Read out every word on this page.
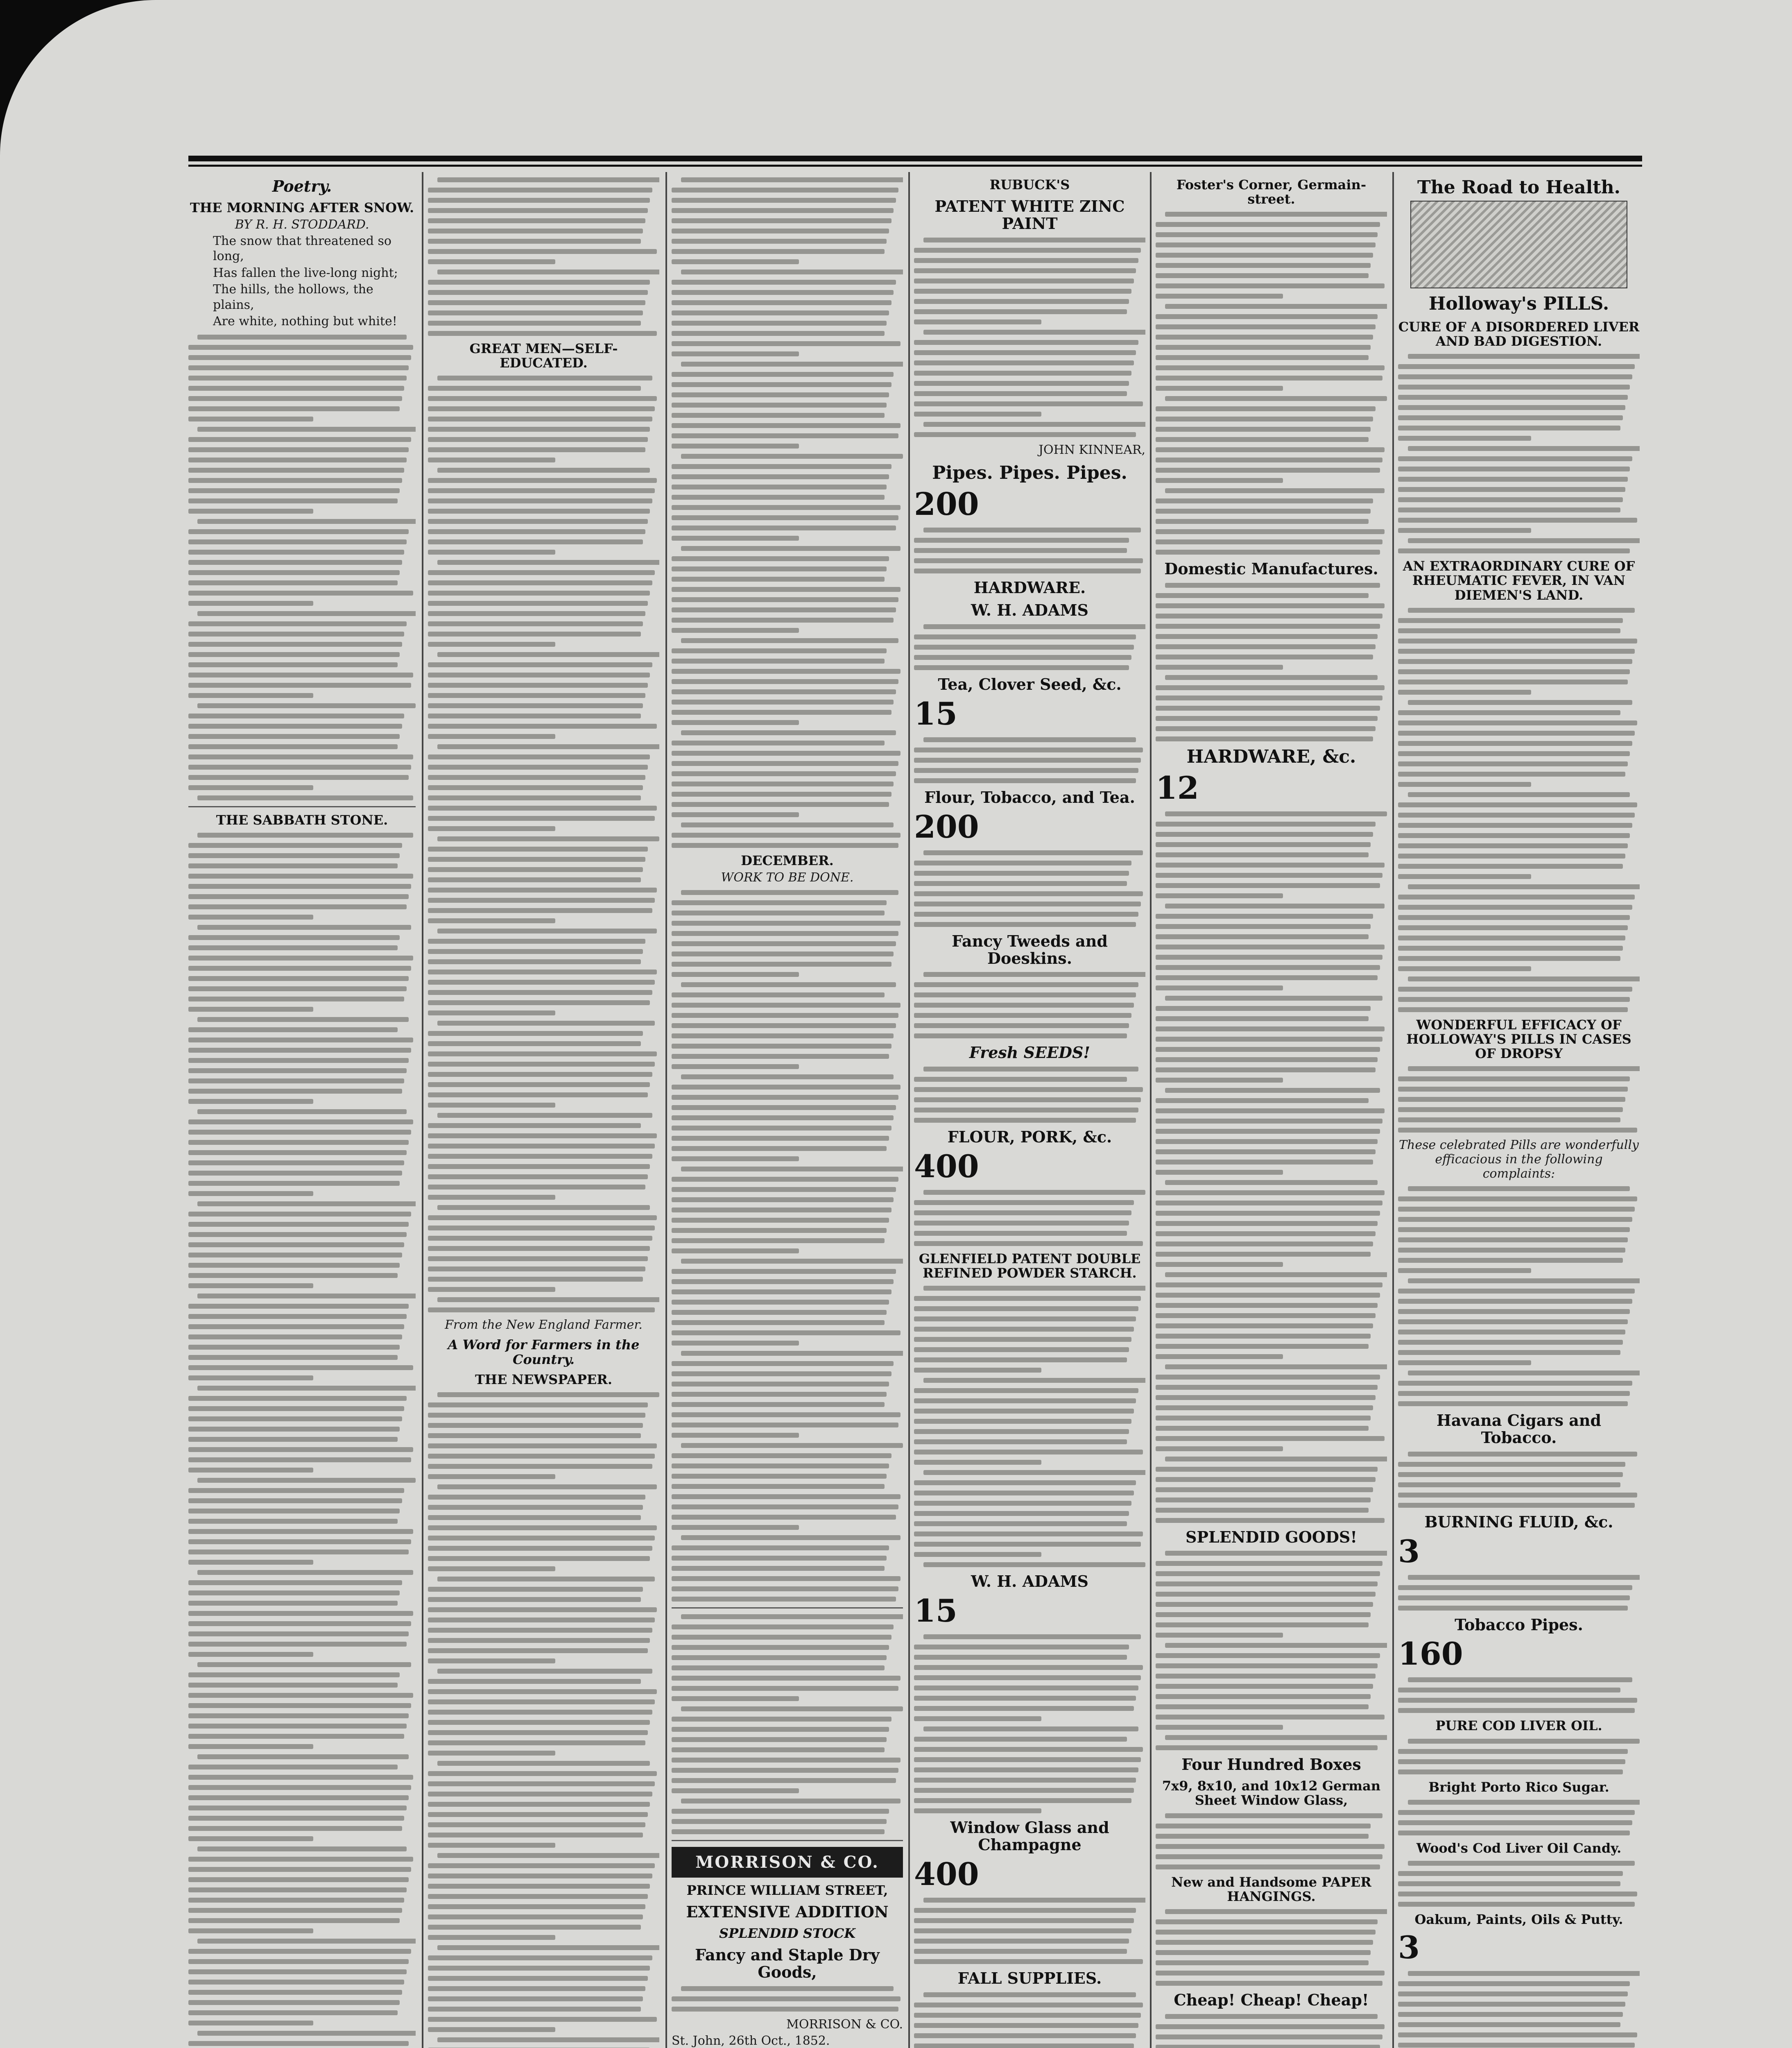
Poetry.
THE MORNING AFTER SNOW.
BY R. H. STODDARD.
The snow that threatened so long,
Has fallen the live-long night;
The hills, the hollows, the plains,
Are white, nothing but white!
THE SABBATH STONE.
GREAT MEN—SELF-EDUCATED.
From the New England Farmer.
A Word for Farmers in the Country.
THE NEWSPAPER.
DECEMBER.
WORK TO BE DONE.
MORRISON & CO.
PRINCE WILLIAM STREET,
EXTENSIVE ADDITION
SPLENDID STOCK
Fancy and Staple Dry Goods,
MORRISON & CO.
St. John, 26th Oct., 1852.
RUBUCK'S
PATENT WHITE ZINC PAINT
JOHN KINNEAR,
Pipes. Pipes. Pipes.
200
HARDWARE.
W. H. ADAMS
Tea, Clover Seed, &c.
15
Flour, Tobacco, and Tea.
200
Fancy Tweeds and Doeskins.
Fresh SEEDS!
FLOUR, PORK, &c.
400
GLENFIELD PATENT DOUBLE REFINED POWDER STARCH.
W. H. ADAMS
15
Window Glass and Champagne
400
FALL SUPPLIES.
Foster's Corner, Germain-street.
Domestic Manufactures.
HARDWARE, &c.
12
SPLENDID GOODS!
Four Hundred Boxes
7x9, 8x10, and 10x12 German Sheet Window Glass,
New and Handsome PAPER HANGINGS.
Cheap! Cheap! Cheap!
The Road to Health.
Holloway's PILLS.
CURE OF A DISORDERED LIVER AND BAD DIGESTION.
AN EXTRAORDINARY CURE OF RHEUMATIC FEVER, IN VAN DIEMEN'S LAND.
WONDERFUL EFFICACY OF HOLLOWAY'S PILLS IN CASES OF DROPSY
These celebrated Pills are wonderfully efficacious in the following complaints:
Havana Cigars and Tobacco.
BURNING FLUID, &c.
3
Tobacco Pipes.
160
PURE COD LIVER OIL.
Bright Porto Rico Sugar.
Wood's Cod Liver Oil Candy.
Oakum, Paints, Oils & Putty.
3
